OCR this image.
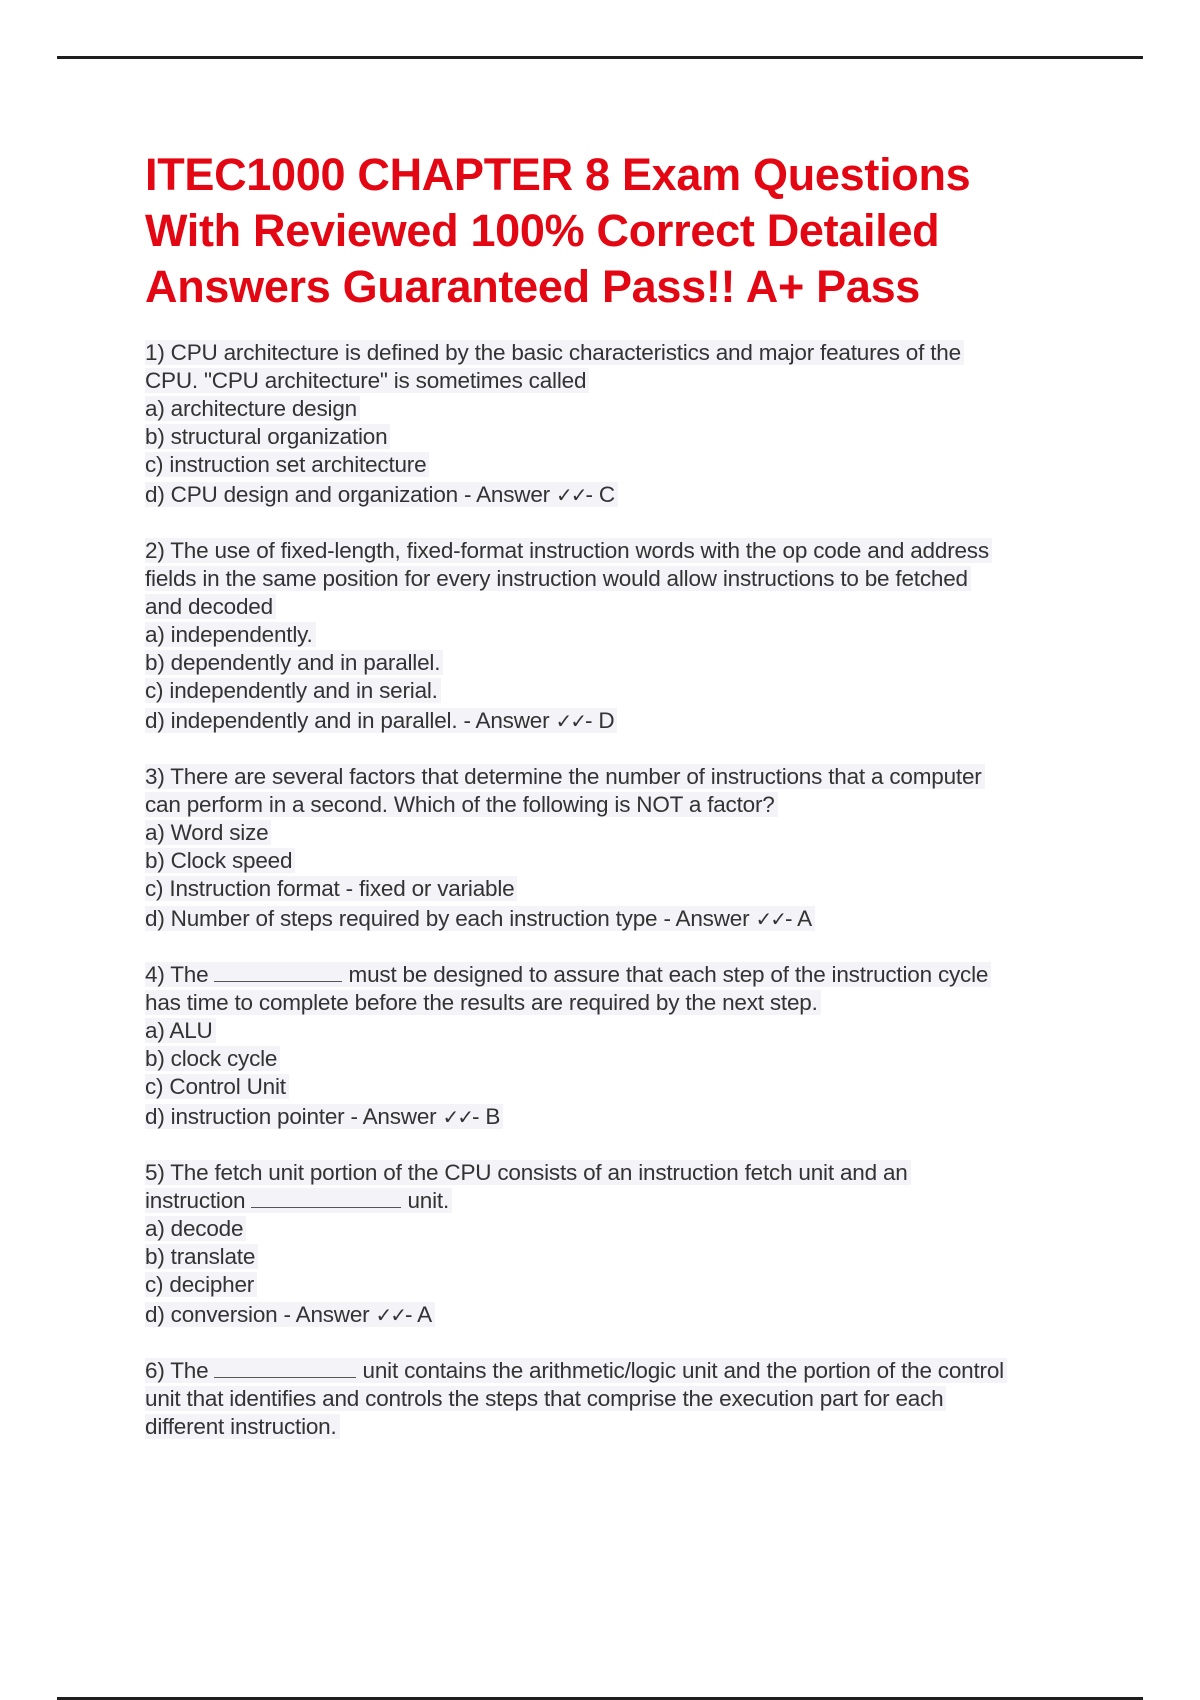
ITEC1000 CHAPTER 8 Exam Questions
With Reviewed 100% Correct Detailed
Answers Guaranteed Pass!! A+ Pass
1) CPU architecture is defined by the basic characteristics and major features of the
CPU. "CPU architecture" is sometimes called
a) architecture design
b) structural organization
c) instruction set architecture
d) CPU design and organization - Answer ✓✓- C
2) The use of fixed-length, fixed-format instruction words with the op code and address
fields in the same position for every instruction would allow instructions to be fetched
and decoded
a) independently.
b) dependently and in parallel.
c) independently and in serial.
d) independently and in parallel. - Answer ✓✓- D
3) There are several factors that determine the number of instructions that a computer
can perform in a second. Which of the following is NOT a factor?
a) Word size
b) Clock speed
c) Instruction format - fixed or variable
d) Number of steps required by each instruction type - Answer ✓✓- A
4) The	must be designed to assure that each step of the instruction cycle
has time to complete before the results are required by the next step.
a) ALU
b) clock cycle
c) Control Unit
d) instruction pointer - Answer ✓✓- B
5) The fetch unit portion of the CPU consists of an instruction fetch unit and an
instruction	unit.
a) decode
b) translate
c) decipher
d) conversion - Answer ✓✓- A
6) The	unit contains the arithmetic/logic unit and the portion of the control
unit that identifies and controls the steps that comprise the execution part for each
different instruction.
